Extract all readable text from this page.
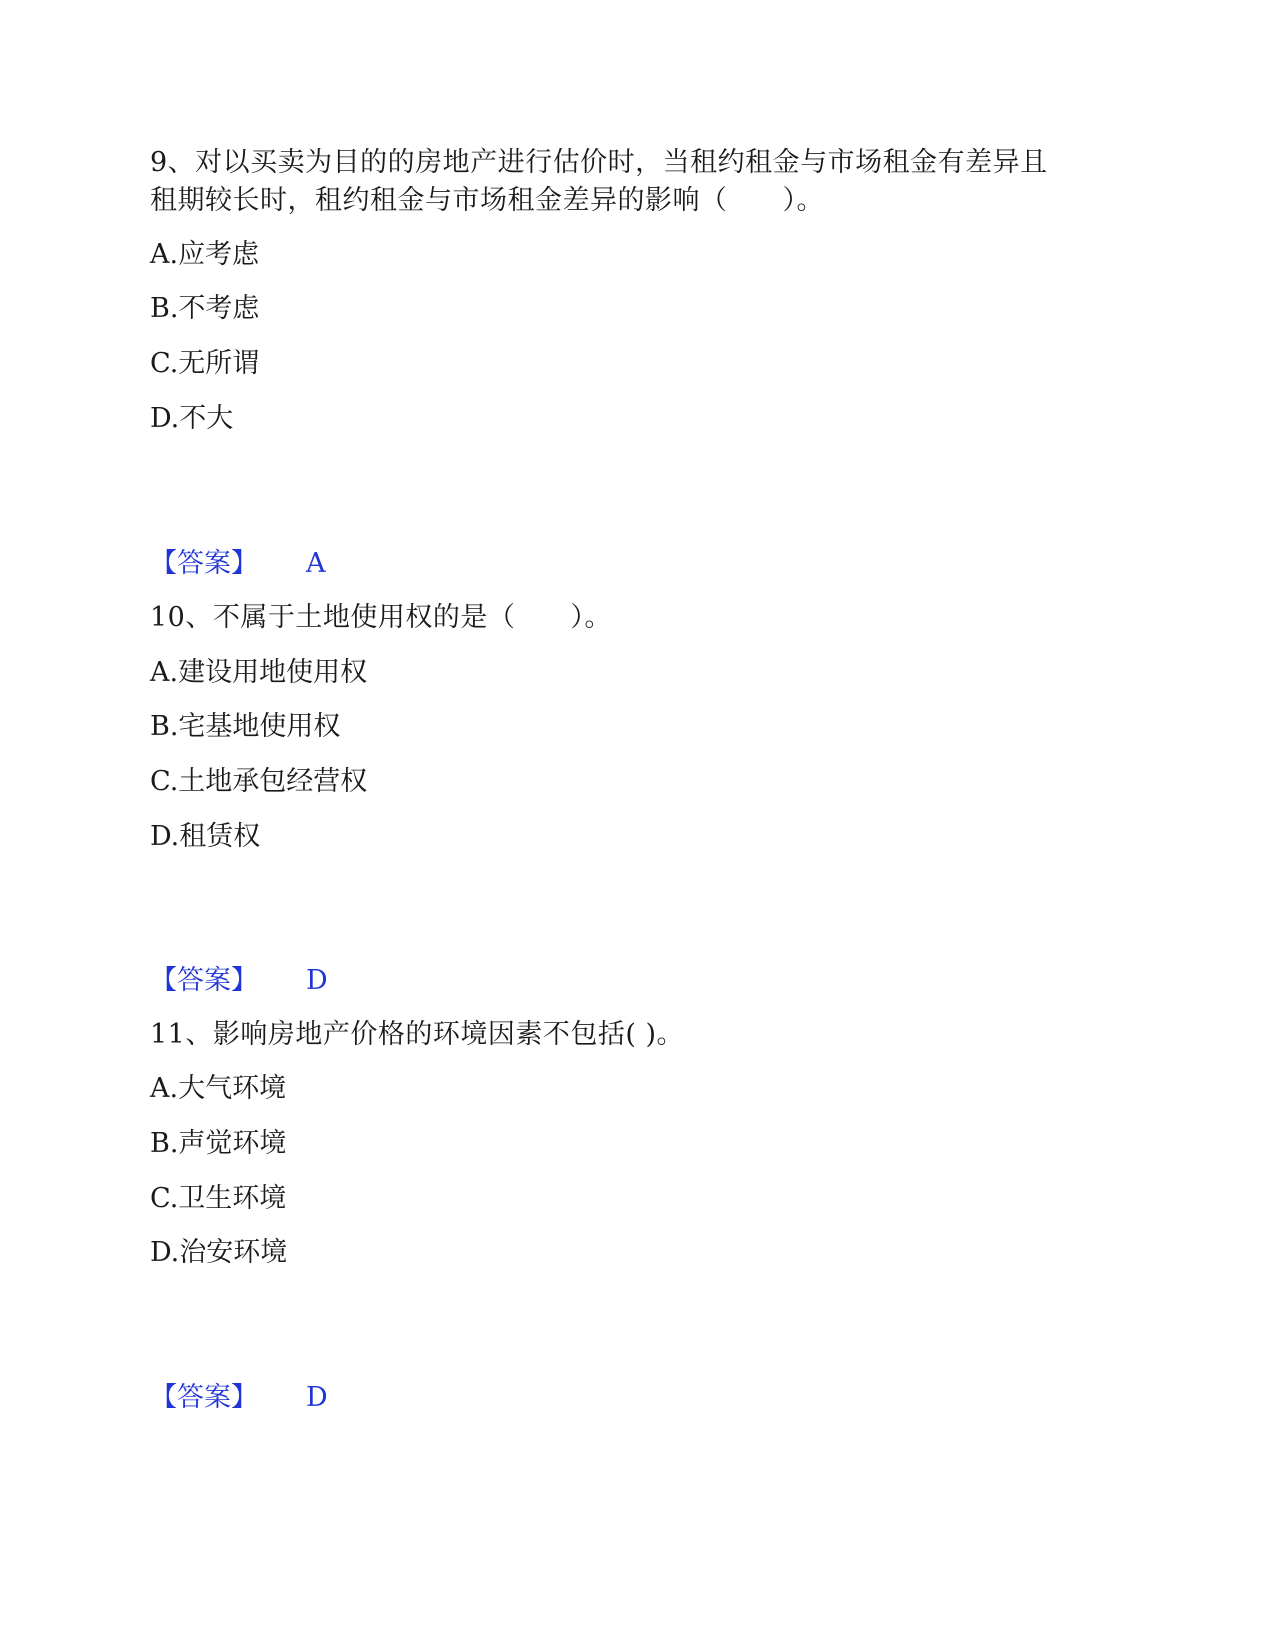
9、对以买卖为目的的房地产进行估价时，当租约租金与市场租金有差异且
租期较长时，租约租金与市场租金差异的影响（　　）。
A.应考虑
B.不考虑
C.无所谓
D.不大
【答案】 A
10、不属于土地使用权的是（　　）。
A.建设用地使用权
B.宅基地使用权
C.土地承包经营权
D.租赁权
【答案】 D
11、影响房地产价格的环境因素不包括( )。
A.大气环境
B.声觉环境
C.卫生环境
D.治安环境
【答案】 D
